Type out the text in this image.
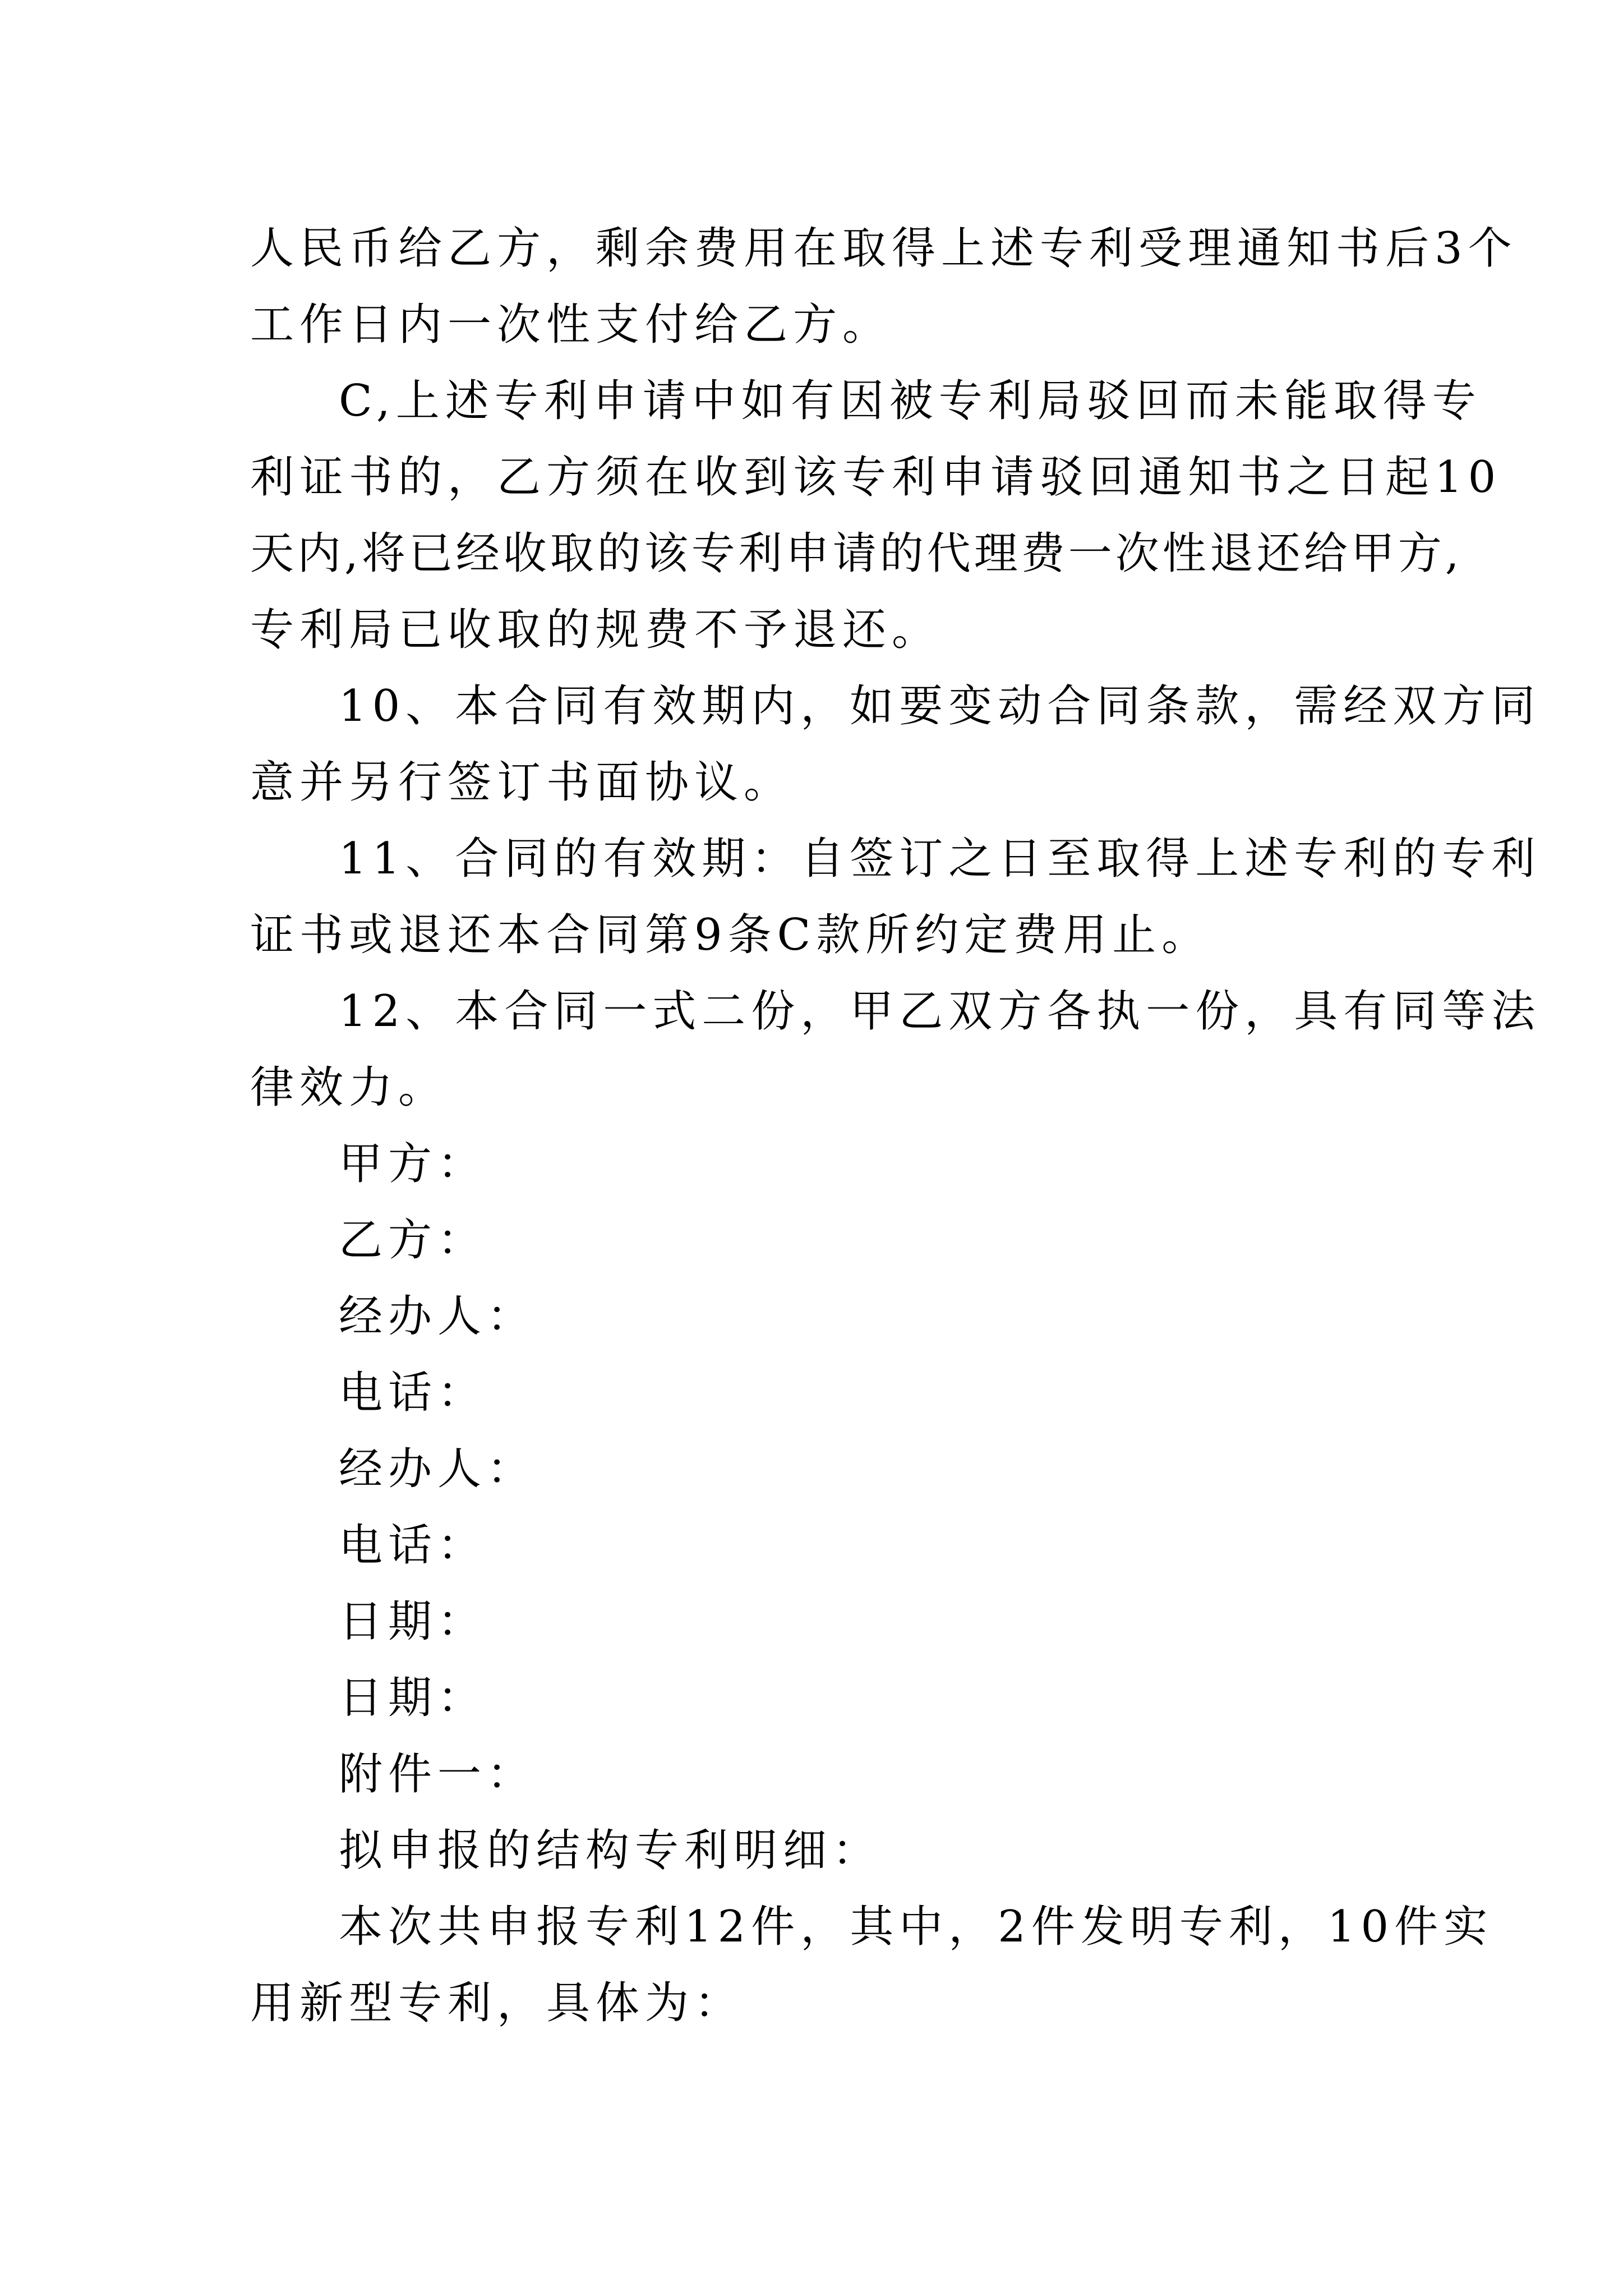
人民币给乙方，剩余费用在取得上述专利受理通知书后3个
工作日内一次性支付给乙方。
C,上述专利申请中如有因被专利局驳回而未能取得专
利证书的，乙方须在收到该专利申请驳回通知书之日起10
天内,将已经收取的该专利申请的代理费一次性退还给甲方,
专利局已收取的规费不予退还。
10、本合同有效期内，如要变动合同条款，需经双方同
意并另行签订书面协议。
11、合同的有效期：自签订之日至取得上述专利的专利
证书或退还本合同第9条C款所约定费用止。
12、本合同一式二份，甲乙双方各执一份，具有同等法
律效力。
甲方：
乙方：
经办人：
电话：
经办人：
电话：
日期：
日期：
附件一：
拟申报的结构专利明细：
本次共申报专利12件，其中，2件发明专利，10件实
用新型专利，具体为：
